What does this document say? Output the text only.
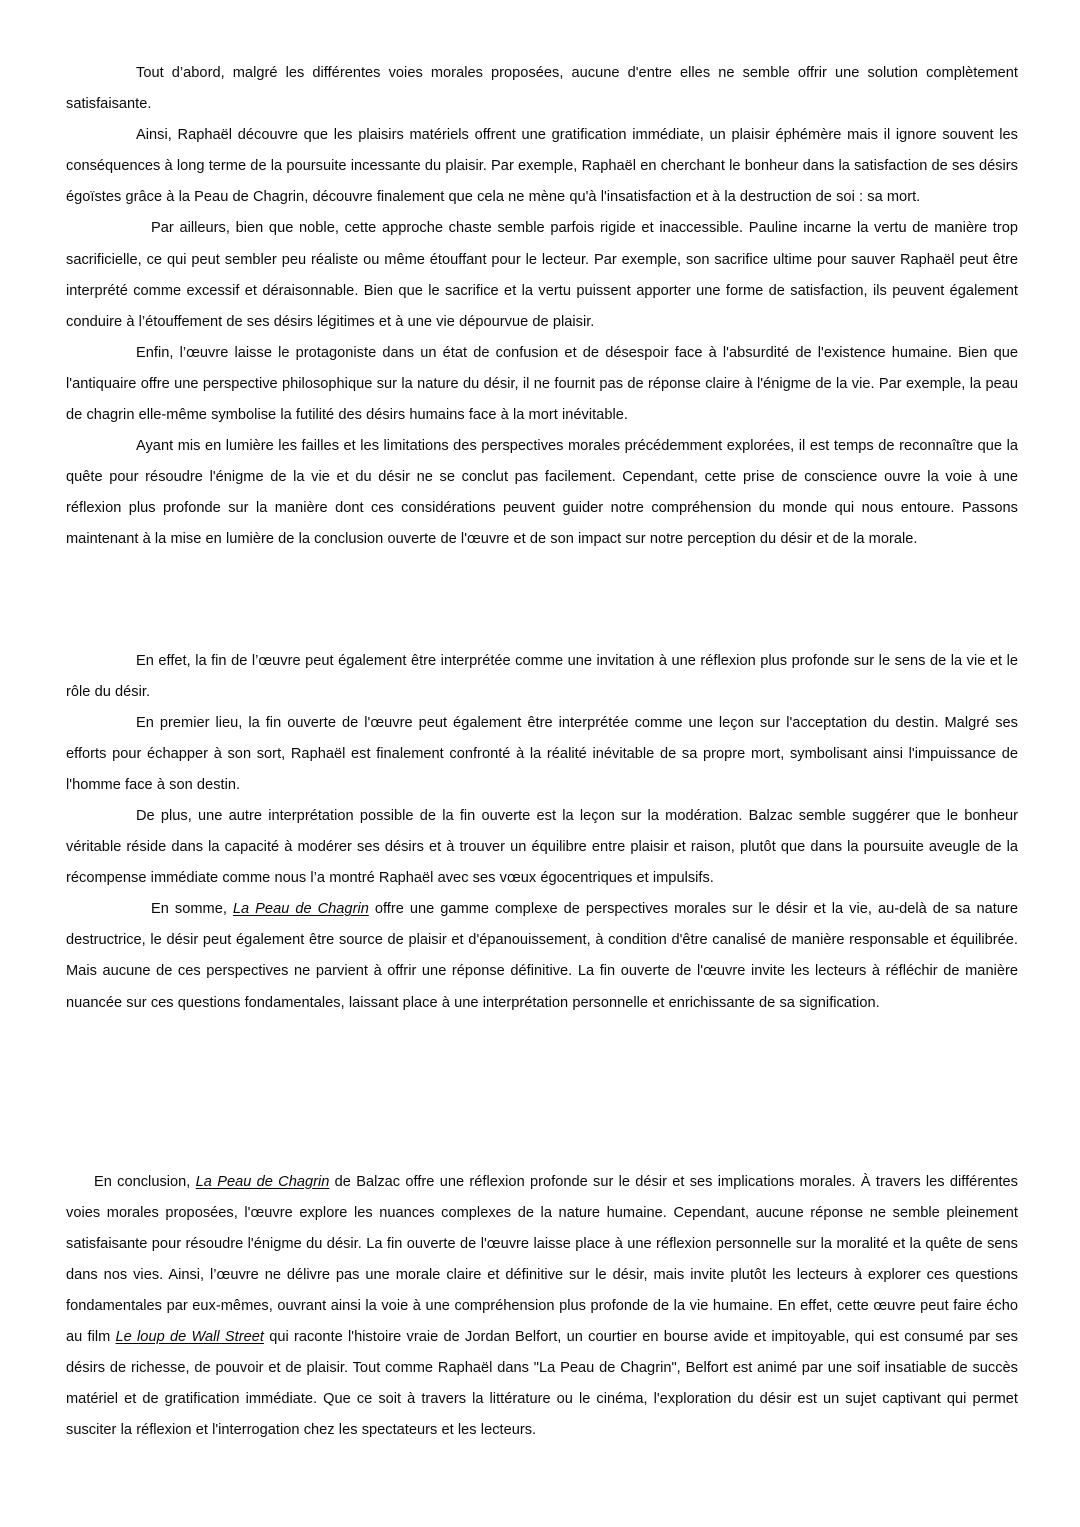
Tout d’abord, malgré les différentes voies morales proposées, aucune d'entre elles ne semble offrir une solution complètement satisfaisante.

Ainsi, Raphaël découvre que les plaisirs matériels offrent une gratification immédiate, un plaisir éphémère mais il ignore souvent les conséquences à long terme de la poursuite incessante du plaisir. Par exemple, Raphaël en cherchant le bonheur dans la satisfaction de ses désirs égoïstes grâce à la Peau de Chagrin, découvre finalement que cela ne mène qu'à l'insatisfaction et à la destruction de soi : sa mort.

Par ailleurs, bien que noble, cette approche chaste semble parfois rigide et inaccessible. Pauline incarne la vertu de manière trop sacrificielle, ce qui peut sembler peu réaliste ou même étouffant pour le lecteur. Par exemple, son sacrifice ultime pour sauver Raphaël peut être interprété comme excessif et déraisonnable. Bien que le sacrifice et la vertu puissent apporter une forme de satisfaction, ils peuvent également conduire à l’étouffement de ses désirs légitimes et à une vie dépourvue de plaisir.

Enfin, l’œuvre laisse le protagoniste dans un état de confusion et de désespoir face à l'absurdité de l'existence humaine. Bien que l'antiquaire offre une perspective philosophique sur la nature du désir, il ne fournit pas de réponse claire à l'énigme de la vie. Par exemple, la peau de chagrin elle-même symbolise la futilité des désirs humains face à la mort inévitable.

Ayant mis en lumière les failles et les limitations des perspectives morales précédemment explorées, il est temps de reconnaître que la quête pour résoudre l'énigme de la vie et du désir ne se conclut pas facilement. Cependant, cette prise de conscience ouvre la voie à une réflexion plus profonde sur la manière dont ces considérations peuvent guider notre compréhension du monde qui nous entoure. Passons maintenant à la mise en lumière de la conclusion ouverte de l'œuvre et de son impact sur notre perception du désir et de la morale.

En effet, la fin de l’œuvre peut également être interprétée comme une invitation à une réflexion plus profonde sur le sens de la vie et le rôle du désir.

En premier lieu, la fin ouverte de l'œuvre peut également être interprétée comme une leçon sur l'acceptation du destin. Malgré ses efforts pour échapper à son sort, Raphaël est finalement confronté à la réalité inévitable de sa propre mort, symbolisant ainsi l'impuissance de l'homme face à son destin.

De plus, une autre interprétation possible de la fin ouverte est la leçon sur la modération. Balzac semble suggérer que le bonheur véritable réside dans la capacité à modérer ses désirs et à trouver un équilibre entre plaisir et raison, plutôt que dans la poursuite aveugle de la récompense immédiate comme nous l’a montré Raphaël avec ses vœux égocentriques et impulsifs.

En somme, La Peau de Chagrin offre une gamme complexe de perspectives morales sur le désir et la vie, au-delà de sa nature destructrice, le désir peut également être source de plaisir et d'épanouissement, à condition d'être canalisé de manière responsable et équilibrée. Mais aucune de ces perspectives ne parvient à offrir une réponse définitive. La fin ouverte de l'œuvre invite les lecteurs à réfléchir de manière nuancée sur ces questions fondamentales, laissant place à une interprétation personnelle et enrichissante de sa signification.

En conclusion, La Peau de Chagrin de Balzac offre une réflexion profonde sur le désir et ses implications morales. À travers les différentes voies morales proposées, l'œuvre explore les nuances complexes de la nature humaine. Cependant, aucune réponse ne semble pleinement satisfaisante pour résoudre l'énigme du désir. La fin ouverte de l'œuvre laisse place à une réflexion personnelle sur la moralité et la quête de sens dans nos vies. Ainsi, l’œuvre ne délivre pas une morale claire et définitive sur le désir, mais invite plutôt les lecteurs à explorer ces questions fondamentales par eux-mêmes, ouvrant ainsi la voie à une compréhension plus profonde de la vie humaine. En effet, cette œuvre peut faire écho au film Le loup de Wall Street qui raconte l'histoire vraie de Jordan Belfort, un courtier en bourse avide et impitoyable, qui est consumé par ses désirs de richesse, de pouvoir et de plaisir. Tout comme Raphaël dans "La Peau de Chagrin", Belfort est animé par une soif insatiable de succès matériel et de gratification immédiate. Que ce soit à travers la littérature ou le cinéma, l'exploration du désir est un sujet captivant qui permet susciter la réflexion et l'interrogation chez les spectateurs et les lecteurs.
